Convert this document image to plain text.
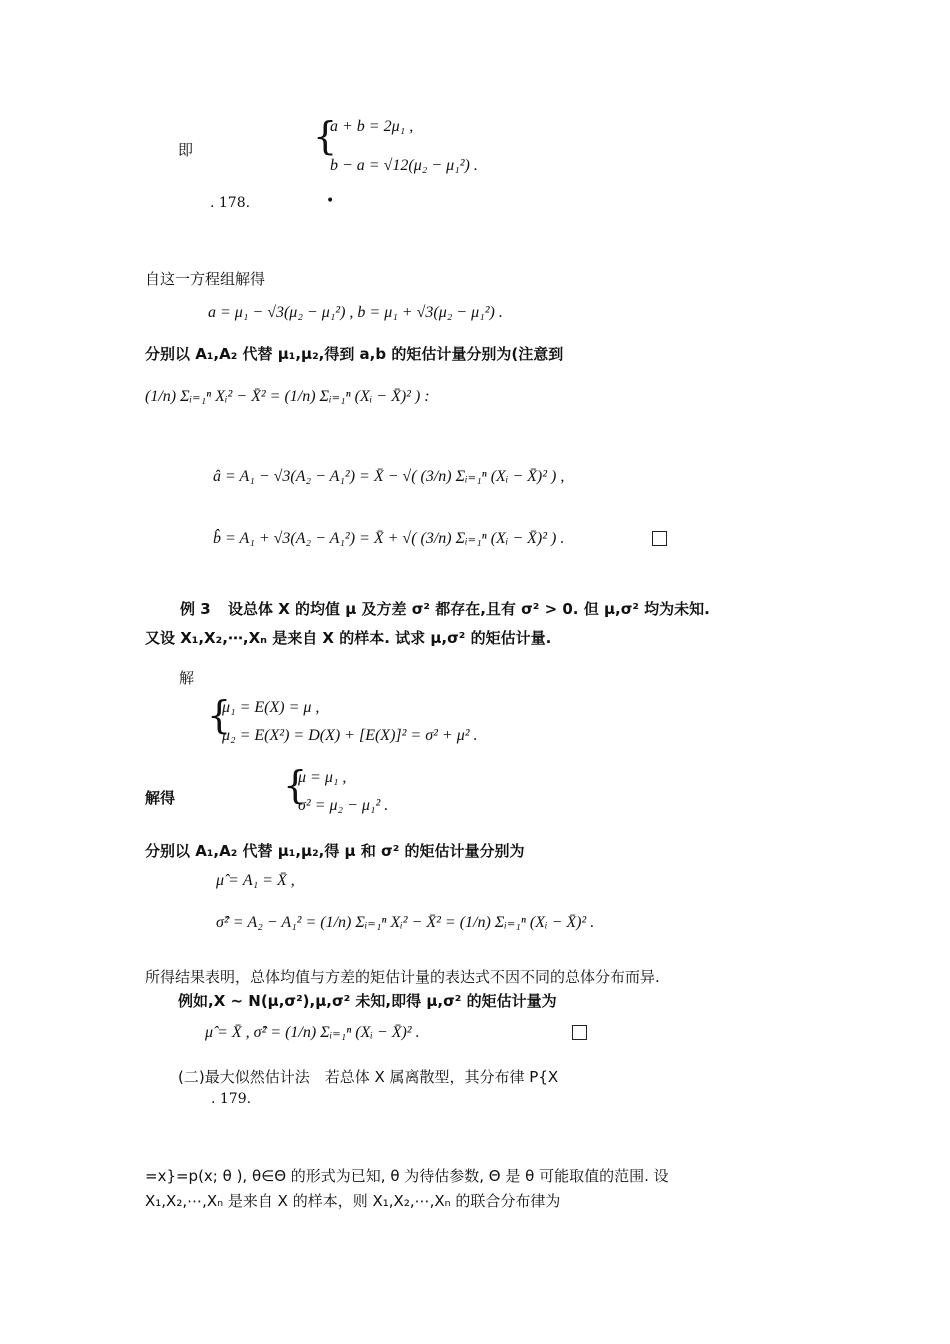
即	{
a + b = 2μ₁ ,
b − a = √12(μ₂ − μ₁²) .
. 178.	•
自这一方程组解得
a = μ₁ − √3(μ₂ − μ₁²) , b = μ₁ + √3(μ₂ − μ₁²) .
分别以 A₁,A₂ 代替 μ₁,μ₂,得到 a,b 的矩估计量分别为(注意到
(1/n) Σᵢ₌₁ⁿ Xᵢ² − X̄² = (1/n) Σᵢ₌₁ⁿ (Xᵢ − X̄)² ) :
â = A₁ − √3(A₂ − A₁²) = X̄ − √( (3/n) Σᵢ₌₁ⁿ (Xᵢ − X̄)² ) ,
b̂ = A₁ + √3(A₂ − A₁²) = X̄ + √( (3/n) Σᵢ₌₁ⁿ (Xᵢ − X̄)² ) .
例 3 设总体 X 的均值 μ 及方差 σ² 都存在,且有 σ² > 0. 但 μ,σ² 均为未知.
又设 X₁,X₂,⋯,Xₙ 是来自 X 的样本. 试求 μ,σ² 的矩估计量.
解
{
μ₁ = E(X) = μ ,
μ₂ = E(X²) = D(X) + [E(X)]² = σ² + μ² .
解得	{
μ = μ₁ ,
σ² = μ₂ − μ₁² .
分别以 A₁,A₂ 代替 μ₁,μ₂,得 μ 和 σ² 的矩估计量分别为
μ̂ = A₁ = X̄ ,
σ̂² = A₂ − A₁² = (1/n) Σᵢ₌₁ⁿ Xᵢ² − X̄² = (1/n) Σᵢ₌₁ⁿ (Xᵢ − X̄)² .
所得结果表明，总体均值与方差的矩估计量的表达式不因不同的总体分布而异.
例如,X ~ N(μ,σ²),μ,σ² 未知,即得 μ,σ² 的矩估计量为
μ̂ = X̄ , σ̂² = (1/n) Σᵢ₌₁ⁿ (Xᵢ − X̄)² .
(二)最大似然估计法　若总体 X 属离散型，其分布律 P{X
. 179.
=x}=p(x; θ ), θ∈Θ 的形式为已知, θ 为待估参数, Θ 是 θ 可能取值的范围. 设
X₁,X₂,⋯,Xₙ 是来自 X 的样本，则 X₁,X₂,⋯,Xₙ 的联合分布律为
